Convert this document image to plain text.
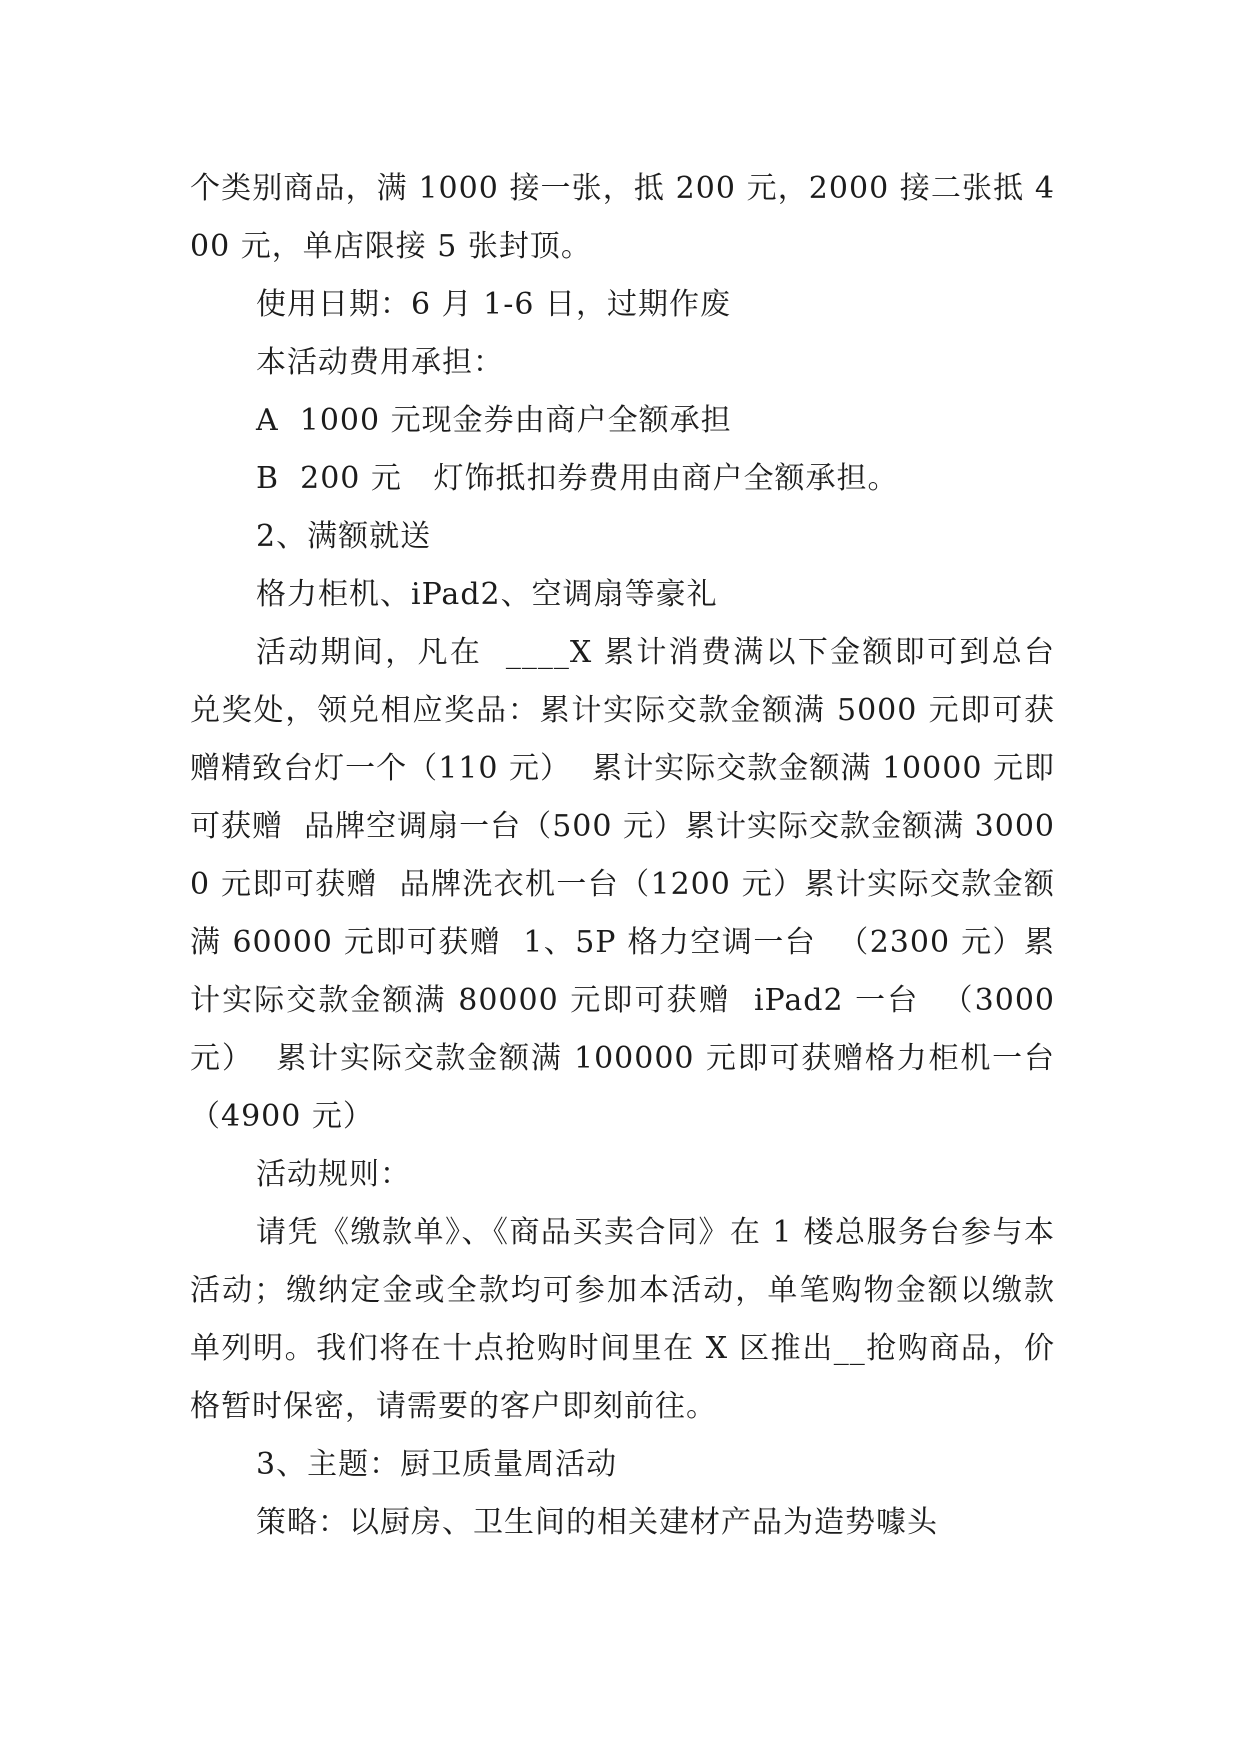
个类别商品，满 1000 接一张，抵 200 元，2000 接二张抵 400 元，单店限接 5 张封顶。

使用日期：6 月 1-6 日，过期作废

本活动费用承担：

A  1000 元现金券由商户全额承担

B  200 元   灯饰抵扣券费用由商户全额承担。

2、满额就送

格力柜机、iPad2、空调扇等豪礼

活动期间，凡在  ____X 累计消费满以下金额即可到总台兑奖处，领兑相应奖品：累计实际交款金额满 5000 元即可获赠精致台灯一个（110 元）  累计实际交款金额满 10000 元即可获赠  品牌空调扇一台（500 元）累计实际交款金额满 30000 元即可获赠  品牌洗衣机一台（1200 元）累计实际交款金额满 60000 元即可获赠  1、5P 格力空调一台  （2300 元）累计实际交款金额满 80000 元即可获赠  iPad2 一台  （3000 元）  累计实际交款金额满 100000 元即可获赠格力柜机一台（4900 元）

活动规则：

请凭《缴款单》、《商品买卖合同》在 1 楼总服务台参与本活动；缴纳定金或全款均可参加本活动，单笔购物金额以缴款单列明。我们将在十点抢购时间里在 X 区推出__抢购商品，价格暂时保密，请需要的客户即刻前往。

3、主题：厨卫质量周活动

策略：以厨房、卫生间的相关建材产品为造势噱头
